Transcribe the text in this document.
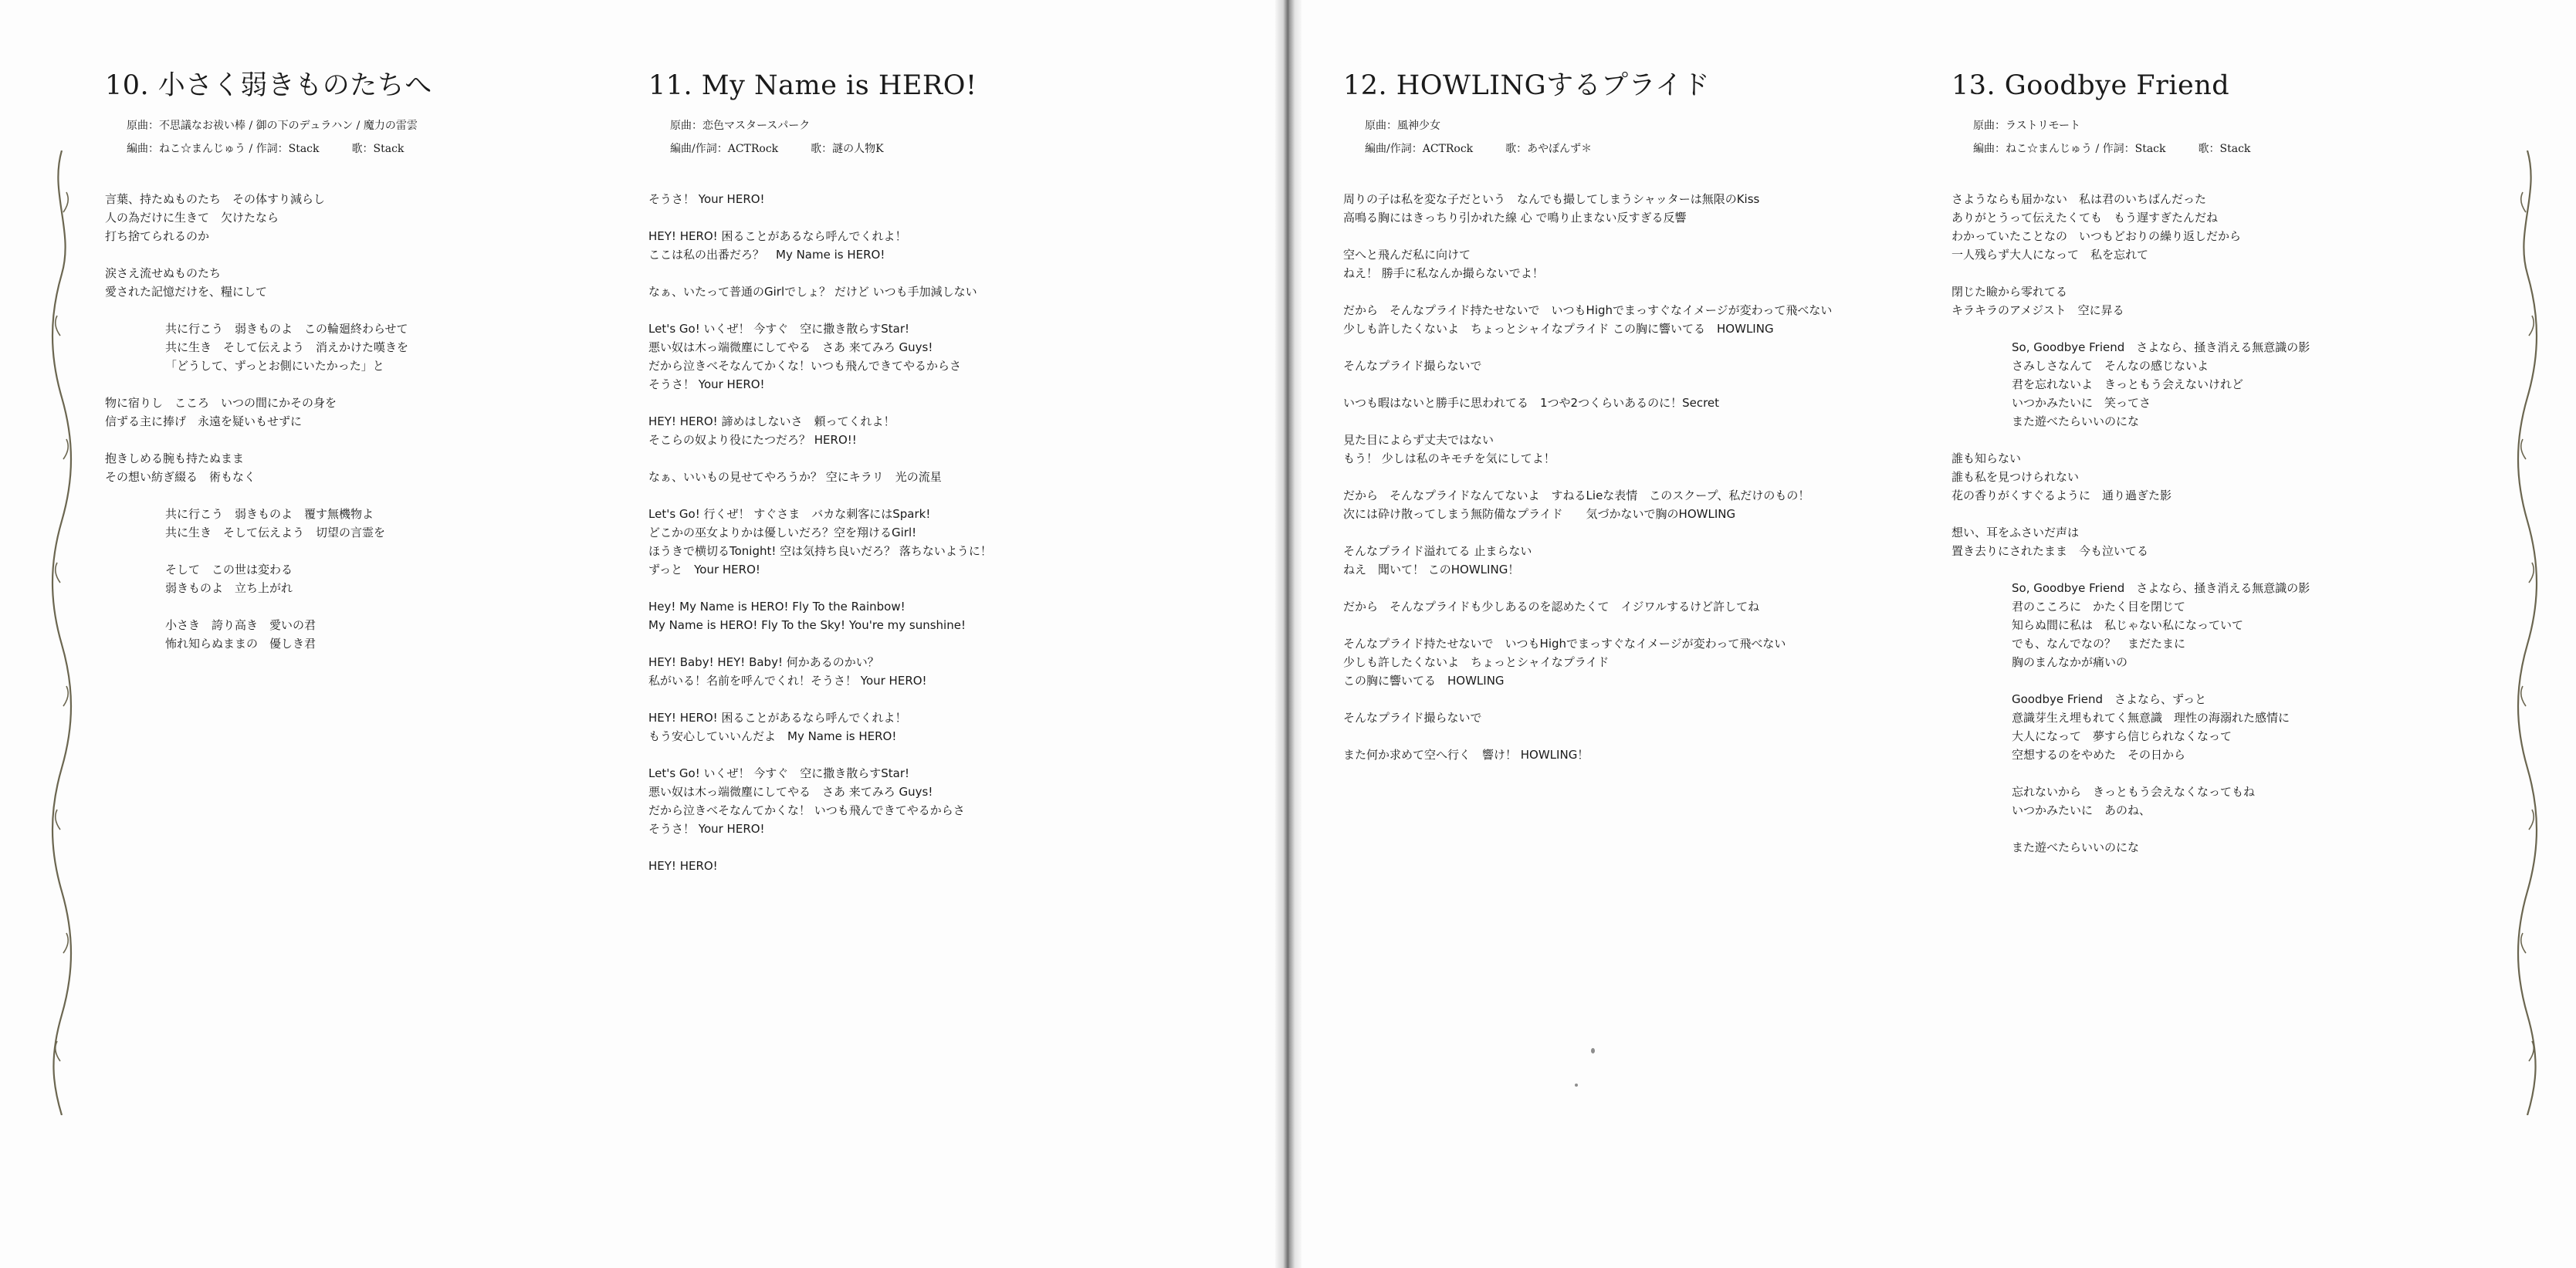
10. 小さく弱きものたちへ
原曲：不思議なお祓い棒 / 御の下のデュラハン / 魔力の雷雲
編曲：ねこ☆まんじゅう / 作詞：Stack	歌：Stack
言葉、持たぬものたち　その体すり減らし
人の為だけに生きて　欠けたなら
打ち捨てられるのか
涙さえ流せぬものたち
愛された記憶だけを、糧にして
共に行こう　弱きものよ　この輪廻終わらせて
共に生き　そして伝えよう　消えかけた嘆きを
「どうして、ずっとお側にいたかった」と
物に宿りし　こころ　いつの間にかその身を
信ずる主に捧げ　永遠を疑いもせずに
抱きしめる腕も持たぬまま
その想い紡ぎ綴る　術もなく
共に行こう　弱きものよ　覆す無機物よ
共に生き　そして伝えよう　切望の言霊を
そして　この世は変わる
弱きものよ　立ち上がれ
小さき　誇り高き　愛いの君
怖れ知らぬままの　優しき君
11. My Name is HERO!
原曲：恋色マスタースパーク
編曲/作詞：ACTRock	歌：謎の人物K
そうさ！ Your HERO!
HEY! HERO! 困ることがあるなら呼んでくれよ！
ここは私の出番だろ？　My Name is HERO!
なぁ、いたって普通のGirlでしょ？ だけど いつも手加減しない
Let's Go! いくぜ！ 今すぐ　空に撒き散らすStar!
悪い奴は木っ端微塵にしてやる　さあ 来てみろ Guys!
だから泣きべそなんてかくな！いつも飛んできてやるからさ
そうさ！ Your HERO!
HEY! HERO! 諦めはしないさ　頼ってくれよ！
そこらの奴より役にたつだろ？ HERO!!
なぁ、いいもの見せてやろうか？ 空にキラリ　光の流星
Let's Go! 行くぜ！ すぐさま　バカな刺客にはSpark!
どこかの巫女よりかは優しいだろ？空を翔けるGirl!
ほうきで横切るTonight! 空は気持ち良いだろ？ 落ちないように！
ずっと　Your HERO!
Hey! My Name is HERO! Fly To the Rainbow!
My Name is HERO! Fly To the Sky! You're my sunshine!
HEY! Baby! HEY! Baby! 何かあるのかい？
私がいる！名前を呼んでくれ！そうさ！ Your HERO!
HEY! HERO! 困ることがあるなら呼んでくれよ！
もう安心していいんだよ　My Name is HERO!
Let's Go! いくぜ！ 今すぐ　空に撒き散らすStar!
悪い奴は木っ端微塵にしてやる　さあ 来てみろ Guys!
だから泣きべそなんてかくな！ いつも飛んできてやるからさ
そうさ！ Your HERO!
HEY! HERO!
12. HOWLINGするプライド
原曲：風神少女
編曲/作詞：ACTRock	歌：あやぽんず＊
周りの子は私を変な子だという　なんでも撮してしまうシャッターは無限のKiss
高鳴る胸にはきっちり引かれた線 心 で鳴り止まない反すぎる反響
空へと飛んだ私に向けて
ねえ！ 勝手に私なんか撮らないでよ！
だから　そんなプライド持たせないで　いつもHighでまっすぐなイメージが変わって飛べない
少しも許したくないよ　ちょっとシャイなプライド この胸に響いてる　HOWLING
そんなプライド撮らないで
いつも暇はないと勝手に思われてる　1つや2つくらいあるのに！Secret
見た目によらず丈夫ではない
もう！ 少しは私のキモチを気にしてよ！
だから　そんなプライドなんてないよ　すねるLieな表情　このスクープ、私だけのもの！
次には砕け散ってしまう無防備なプライド　　気づかないで胸のHOWLING
そんなプライド溢れてる 止まらない
ねえ　聞いて！ このHOWLING！
だから　そんなプライドも少しあるのを認めたくて　イジワルするけど許してね
そんなプライド持たせないで　いつもHighでまっすぐなイメージが変わって飛べない
少しも許したくないよ　ちょっとシャイなプライド
この胸に響いてる　HOWLING
そんなプライド撮らないで
また何か求めて空へ行く　響け！ HOWLING！
13. Goodbye Friend
原曲：ラストリモート
編曲：ねこ☆まんじゅう / 作詞：Stack	歌：Stack
さようならも届かない　私は君のいちばんだった
ありがとうって伝えたくても　もう遅すぎたんだね
わかっていたことなの　いつもどおりの繰り返しだから
一人残らず大人になって　私を忘れて
閉じた瞼から零れてる
キラキラのアメジスト　空に昇る
So, Goodbye Friend　さよなら、掻き消える無意識の影
さみしさなんて　そんなの感じないよ
君を忘れないよ　きっともう会えないけれど
いつかみたいに　笑ってさ
また遊べたらいいのにな
誰も知らない
誰も私を見つけられない
花の香りがくすぐるように　通り過ぎた影
想い、耳をふさいだ声は
置き去りにされたまま　今も泣いてる
So, Goodbye Friend　さよなら、掻き消える無意識の影
君のこころに　かたく目を閉じて
知らぬ間に私は　私じゃない私になっていて
でも、なんでなの？　まだたまに
胸のまんなかが痛いの
Goodbye Friend　さよなら、ずっと
意識芽生え埋もれてく無意識　理性の海溺れた感情に
大人になって　夢すら信じられなくなって
空想するのをやめた　その日から
忘れないから　きっともう会えなくなってもね
いつかみたいに　あのね、
また遊べたらいいのにな
